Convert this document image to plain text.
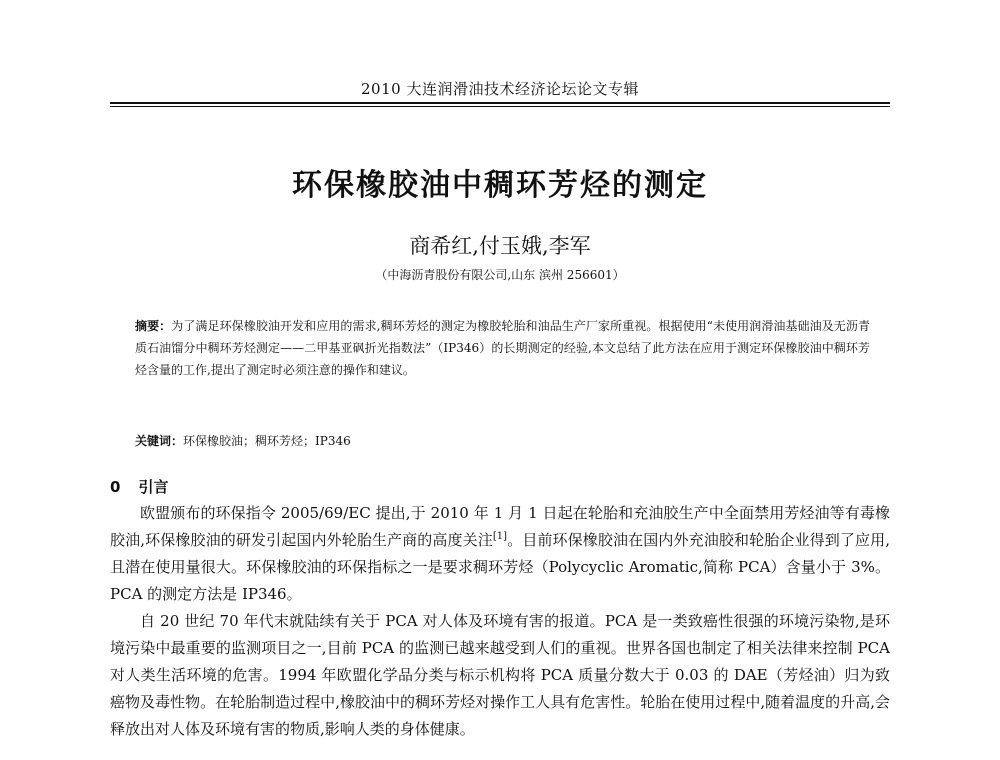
2010 大连润滑油技术经济论坛论文专辑
环保橡胶油中稠环芳烃的测定
商希红,付玉娥,李军
（中海沥青股份有限公司,山东 滨州 256601）
摘要：为了满足环保橡胶油开发和应用的需求,稠环芳烃的测定为橡胶轮胎和油品生产厂家所重视。根据使用“未使用润滑油基础油及无沥青质石油馏分中稠环芳烃测定——二甲基亚砜折光指数法”（IP346）的长期测定的经验,本文总结了此方法在应用于测定环保橡胶油中稠环芳烃含量的工作,提出了测定时必须注意的操作和建议。
关键词：环保橡胶油；稠环芳烃；IP346
0 引言

欧盟颁布的环保指令 2005/69/EC 提出,于 2010 年 1 月 1 日起在轮胎和充油胶生产中全面禁用芳烃油等有毒橡胶油,环保橡胶油的研发引起国内外轮胎生产商的高度关注[1]。目前环保橡胶油在国内外充油胶和轮胎企业得到了应用,且潜在使用量很大。环保橡胶油的环保指标之一是要求稠环芳烃（Polycyclic Aromatic,简称 PCA）含量小于 3%。PCA 的测定方法是 IP346。

自 20 世纪 70 年代末就陆续有关于 PCA 对人体及环境有害的报道。PCA 是一类致癌性很强的环境污染物,是环境污染中最重要的监测项目之一,目前 PCA 的监测已越来越受到人们的重视。世界各国也制定了相关法律来控制 PCA 对人类生活环境的危害。1994 年欧盟化学品分类与标示机构将 PCA 质量分数大于 0.03 的 DAE（芳烃油）归为致癌物及毒性物。在轮胎制造过程中,橡胶油中的稠环芳烃对操作工人具有危害性。轮胎在使用过程中,随着温度的升高,会释放出对人体及环境有害的物质,影响人类的身体健康。
